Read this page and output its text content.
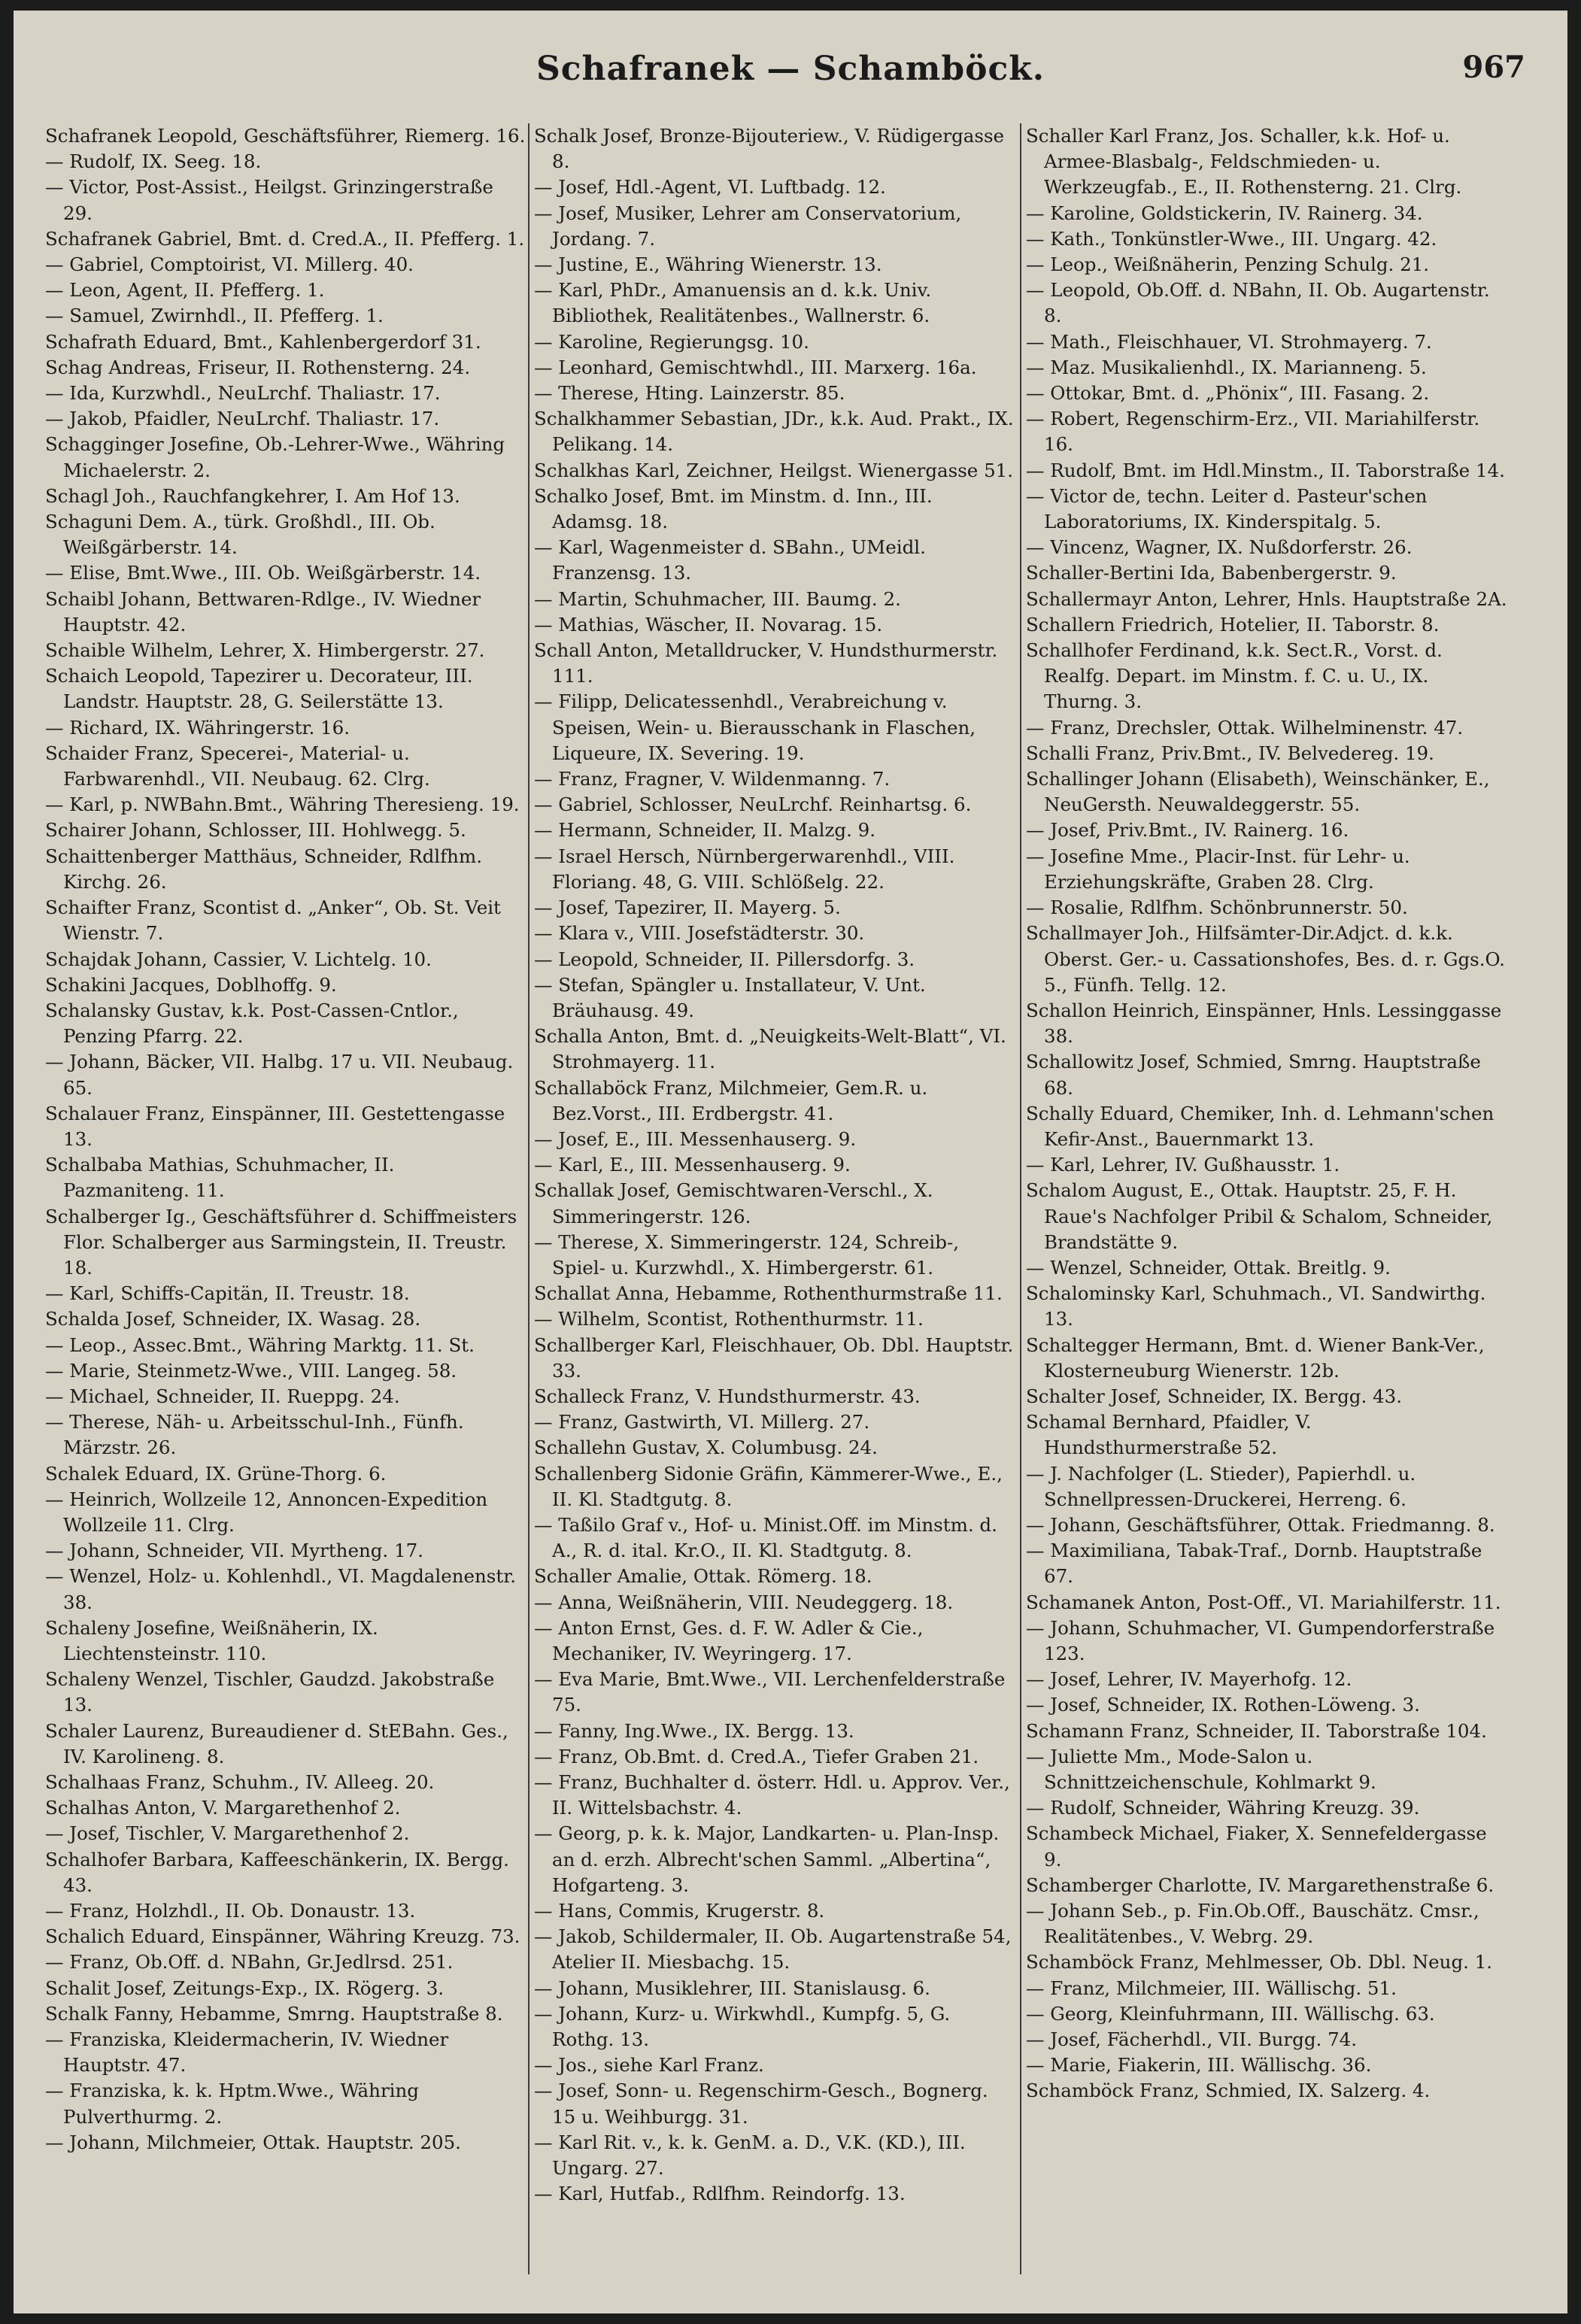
Schafranek — Schamböck.	967

Schafranek Leopold, Geschäftsführer, Riemerg. 16.

— Rudolf, IX. Seeg. 18.

— Victor, Post-Assist., Heilgst. Grinzingerstraße 29.

Schafranek Gabriel, Bmt. d. Cred.A., II. Pfefferg. 1.

— Gabriel, Comptoirist, VI. Millerg. 40.

— Leon, Agent, II. Pfefferg. 1.

— Samuel, Zwirnhdl., II. Pfefferg. 1.

Schafrath Eduard, Bmt., Kahlenbergerdorf 31.

Schag Andreas, Friseur, II. Rothensterng. 24.

— Ida, Kurzwhdl., NeuLrchf. Thaliastr. 17.

— Jakob, Pfaidler, NeuLrchf. Thaliastr. 17.

Schagginger Josefine, Ob.-Lehrer-Wwe., Währing Michaelerstr. 2.

Schagl Joh., Rauchfangkehrer, I. Am Hof 13.

Schaguni Dem. A., türk. Großhdl., III. Ob. Weißgärberstr. 14.

— Elise, Bmt.Wwe., III. Ob. Weißgärberstr. 14.

Schaibl Johann, Bettwaren-Rdlge., IV. Wiedner Hauptstr. 42.

Schaible Wilhelm, Lehrer, X. Himbergerstr. 27.

Schaich Leopold, Tapezirer u. Decorateur, III. Landstr. Hauptstr. 28, G. Seilerstätte 13.

— Richard, IX. Währingerstr. 16.

Schaider Franz, Specerei-, Material- u. Farbwarenhdl., VII. Neubaug. 62. Clrg.

— Karl, p. NWBahn.Bmt., Währing Theresieng. 19.

Schairer Johann, Schlosser, III. Hohlwegg. 5.

Schaittenberger Matthäus, Schneider, Rdlfhm. Kirchg. 26.

Schaifter Franz, Scontist d. „Anker“, Ob. St. Veit Wienstr. 7.

Schajdak Johann, Cassier, V. Lichtelg. 10.

Schakini Jacques, Doblhoffg. 9.

Schalansky Gustav, k.k. Post-Cassen-Cntlor., Penzing Pfarrg. 22.

— Johann, Bäcker, VII. Halbg. 17 u. VII. Neubaug. 65.

Schalauer Franz, Einspänner, III. Gestettengasse 13.

Schalbaba Mathias, Schuhmacher, II. Pazmaniteng. 11.

Schalberger Ig., Geschäftsführer d. Schiffmeisters Flor. Schalberger aus Sarmingstein, II. Treustr. 18.

— Karl, Schiffs-Capitän, II. Treustr. 18.

Schalda Josef, Schneider, IX. Wasag. 28.

— Leop., Assec.Bmt., Währing Marktg. 11. St.

— Marie, Steinmetz-Wwe., VIII. Langeg. 58.

— Michael, Schneider, II. Rueppg. 24.

— Therese, Näh- u. Arbeitsschul-Inh., Fünfh. Märzstr. 26.

Schalek Eduard, IX. Grüne-Thorg. 6.

— Heinrich, Wollzeile 12, Annoncen-Expedition Wollzeile 11. Clrg.

— Johann, Schneider, VII. Myrtheng. 17.

— Wenzel, Holz- u. Kohlenhdl., VI. Magdalenenstr. 38.

Schaleny Josefine, Weißnäherin, IX. Liechtensteinstr. 110.

Schaleny Wenzel, Tischler, Gaudzd. Jakobstraße 13.

Schaler Laurenz, Bureaudiener d. StEBahn. Ges., IV. Karolineng. 8.

Schalhaas Franz, Schuhm., IV. Alleeg. 20.

Schalhas Anton, V. Margarethenhof 2.

— Josef, Tischler, V. Margarethenhof 2.

Schalhofer Barbara, Kaffeeschänkerin, IX. Bergg. 43.

— Franz, Holzhdl., II. Ob. Donaustr. 13.

Schalich Eduard, Einspänner, Währing Kreuzg. 73.

— Franz, Ob.Off. d. NBahn, Gr.Jedlrsd. 251.

Schalit Josef, Zeitungs-Exp., IX. Rögerg. 3.

Schalk Fanny, Hebamme, Smrng. Hauptstraße 8.

— Franziska, Kleidermacherin, IV. Wiedner Hauptstr. 47.

— Franziska, k. k. Hptm.Wwe., Währing Pulverthurmg. 2.

— Johann, Milchmeier, Ottak. Hauptstr. 205.

Schalk Josef, Bronze-Bijouteriew., V. Rüdigergasse 8.

— Josef, Hdl.-Agent, VI. Luftbadg. 12.

— Josef, Musiker, Lehrer am Conservatorium, Jordang. 7.

— Justine, E., Währing Wienerstr. 13.

— Karl, PhDr., Amanuensis an d. k.k. Univ. Bibliothek, Realitätenbes., Wallnerstr. 6.

— Karoline, Regierungsg. 10.

— Leonhard, Gemischtwhdl., III. Marxerg. 16a.

— Therese, Hting. Lainzerstr. 85.

Schalkhammer Sebastian, JDr., k.k. Aud. Prakt., IX. Pelikang. 14.

Schalkhas Karl, Zeichner, Heilgst. Wienergasse 51.

Schalko Josef, Bmt. im Minstm. d. Inn., III. Adamsg. 18.

— Karl, Wagenmeister d. SBahn., UMeidl. Franzensg. 13.

— Martin, Schuhmacher, III. Baumg. 2.

— Mathias, Wäscher, II. Novarag. 15.

Schall Anton, Metalldrucker, V. Hundsthurmerstr. 111.

— Filipp, Delicatessenhdl., Verabreichung v. Speisen, Wein- u. Bierausschank in Flaschen, Liqueure, IX. Severing. 19.

— Franz, Fragner, V. Wildenmanng. 7.

— Gabriel, Schlosser, NeuLrchf. Reinhartsg. 6.

— Hermann, Schneider, II. Malzg. 9.

— Israel Hersch, Nürnbergerwarenhdl., VIII. Floriang. 48, G. VIII. Schlößelg. 22.

— Josef, Tapezirer, II. Mayerg. 5.

— Klara v., VIII. Josefstädterstr. 30.

— Leopold, Schneider, II. Pillersdorfg. 3.

— Stefan, Spängler u. Installateur, V. Unt. Bräuhausg. 49.

Schalla Anton, Bmt. d. „Neuigkeits-Welt-Blatt“, VI. Strohmayerg. 11.

Schallaböck Franz, Milchmeier, Gem.R. u. Bez.Vorst., III. Erdbergstr. 41.

— Josef, E., III. Messenhauserg. 9.

— Karl, E., III. Messenhauserg. 9.

Schallak Josef, Gemischtwaren-Verschl., X. Simmeringerstr. 126.

— Therese, X. Simmeringerstr. 124, Schreib-, Spiel- u. Kurzwhdl., X. Himbergerstr. 61.

Schallat Anna, Hebamme, Rothenthurmstraße 11.

— Wilhelm, Scontist, Rothenthurmstr. 11.

Schallberger Karl, Fleischhauer, Ob. Dbl. Hauptstr. 33.

Schalleck Franz, V. Hundsthurmerstr. 43.

— Franz, Gastwirth, VI. Millerg. 27.

Schallehn Gustav, X. Columbusg. 24.

Schallenberg Sidonie Gräfin, Kämmerer-Wwe., E., II. Kl. Stadtgutg. 8.

— Taßilo Graf v., Hof- u. Minist.Off. im Minstm. d. A., R. d. ital. Kr.O., II. Kl. Stadtgutg. 8.

Schaller Amalie, Ottak. Römerg. 18.

— Anna, Weißnäherin, VIII. Neudeggerg. 18.

— Anton Ernst, Ges. d. F. W. Adler & Cie., Mechaniker, IV. Weyringerg. 17.

— Eva Marie, Bmt.Wwe., VII. Lerchenfelderstraße 75.

— Fanny, Ing.Wwe., IX. Bergg. 13.

— Franz, Ob.Bmt. d. Cred.A., Tiefer Graben 21.

— Franz, Buchhalter d. österr. Hdl. u. Approv. Ver., II. Wittelsbachstr. 4.

— Georg, p. k. k. Major, Landkarten- u. Plan-Insp. an d. erzh. Albrecht'schen Samml. „Albertina“, Hofgarteng. 3.

— Hans, Commis, Krugerstr. 8.

— Jakob, Schildermaler, II. Ob. Augartenstraße 54, Atelier II. Miesbachg. 15.

— Johann, Musiklehrer, III. Stanislausg. 6.

— Johann, Kurz- u. Wirkwhdl., Kumpfg. 5, G. Rothg. 13.

— Jos., siehe Karl Franz.

— Josef, Sonn- u. Regenschirm-Gesch., Bognerg. 15 u. Weihburgg. 31.

— Karl Rit. v., k. k. GenM. a. D., V.K. (KD.), III. Ungarg. 27.

— Karl, Hutfab., Rdlfhm. Reindorfg. 13.

Schaller Karl Franz, Jos. Schaller, k.k. Hof- u. Armee-Blasbalg-, Feldschmieden- u. Werkzeugfab., E., II. Rothensterng. 21. Clrg.

— Karoline, Goldstickerin, IV. Rainerg. 34.

— Kath., Tonkünstler-Wwe., III. Ungarg. 42.

— Leop., Weißnäherin, Penzing Schulg. 21.

— Leopold, Ob.Off. d. NBahn, II. Ob. Augartenstr. 8.

— Math., Fleischhauer, VI. Strohmayerg. 7.

— Maz. Musikalienhdl., IX. Marianneng. 5.

— Ottokar, Bmt. d. „Phönix“, III. Fasang. 2.

— Robert, Regenschirm-Erz., VII. Mariahilferstr. 16.

— Rudolf, Bmt. im Hdl.Minstm., II. Taborstraße 14.

— Victor de, techn. Leiter d. Pasteur'schen Laboratoriums, IX. Kinderspitalg. 5.

— Vincenz, Wagner, IX. Nußdorferstr. 26.

Schaller-Bertini Ida, Babenbergerstr. 9.

Schallermayr Anton, Lehrer, Hnls. Hauptstraße 2A.

Schallern Friedrich, Hotelier, II. Taborstr. 8.

Schallhofer Ferdinand, k.k. Sect.R., Vorst. d. Realfg. Depart. im Minstm. f. C. u. U., IX. Thurng. 3.

— Franz, Drechsler, Ottak. Wilhelminenstr. 47.

Schalli Franz, Priv.Bmt., IV. Belvedereg. 19.

Schallinger Johann (Elisabeth), Weinschänker, E., NeuGersth. Neuwaldeggerstr. 55.

— Josef, Priv.Bmt., IV. Rainerg. 16.

— Josefine Mme., Placir-Inst. für Lehr- u. Erziehungskräfte, Graben 28. Clrg.

— Rosalie, Rdlfhm. Schönbrunnerstr. 50.

Schallmayer Joh., Hilfsämter-Dir.Adjct. d. k.k. Oberst. Ger.- u. Cassationshofes, Bes. d. r. Ggs.O. 5., Fünfh. Tellg. 12.

Schallon Heinrich, Einspänner, Hnls. Lessinggasse 38.

Schallowitz Josef, Schmied, Smrng. Hauptstraße 68.

Schally Eduard, Chemiker, Inh. d. Lehmann'schen Kefir-Anst., Bauernmarkt 13.

— Karl, Lehrer, IV. Gußhausstr. 1.

Schalom August, E., Ottak. Hauptstr. 25, F. H. Raue's Nachfolger Pribil & Schalom, Schneider, Brandstätte 9.

— Wenzel, Schneider, Ottak. Breitlg. 9.

Schalominsky Karl, Schuhmach., VI. Sandwirthg. 13.

Schaltegger Hermann, Bmt. d. Wiener Bank-Ver., Klosterneuburg Wienerstr. 12b.

Schalter Josef, Schneider, IX. Bergg. 43.

Schamal Bernhard, Pfaidler, V. Hundsthurmerstraße 52.

— J. Nachfolger (L. Stieder), Papierhdl. u. Schnellpressen-Druckerei, Herreng. 6.

— Johann, Geschäftsführer, Ottak. Friedmanng. 8.

— Maximiliana, Tabak-Traf., Dornb. Hauptstraße 67.

Schamanek Anton, Post-Off., VI. Mariahilferstr. 11.

— Johann, Schuhmacher, VI. Gumpendorferstraße 123.

— Josef, Lehrer, IV. Mayerhofg. 12.

— Josef, Schneider, IX. Rothen-Löweng. 3.

Schamann Franz, Schneider, II. Taborstraße 104.

— Juliette Mm., Mode-Salon u. Schnittzeichenschule, Kohlmarkt 9.

— Rudolf, Schneider, Währing Kreuzg. 39.

Schambeck Michael, Fiaker, X. Sennefeldergasse 9.

Schamberger Charlotte, IV. Margarethenstraße 6.

— Johann Seb., p. Fin.Ob.Off., Bauschätz. Cmsr., Realitätenbes., V. Webrg. 29.

Schamböck Franz, Mehlmesser, Ob. Dbl. Neug. 1.

— Franz, Milchmeier, III. Wällischg. 51.

— Georg, Kleinfuhrmann, III. Wällischg. 63.

— Josef, Fächerhdl., VII. Burgg. 74.

— Marie, Fiakerin, III. Wällischg. 36.

Schamböck Franz, Schmied, IX. Salzerg. 4.
